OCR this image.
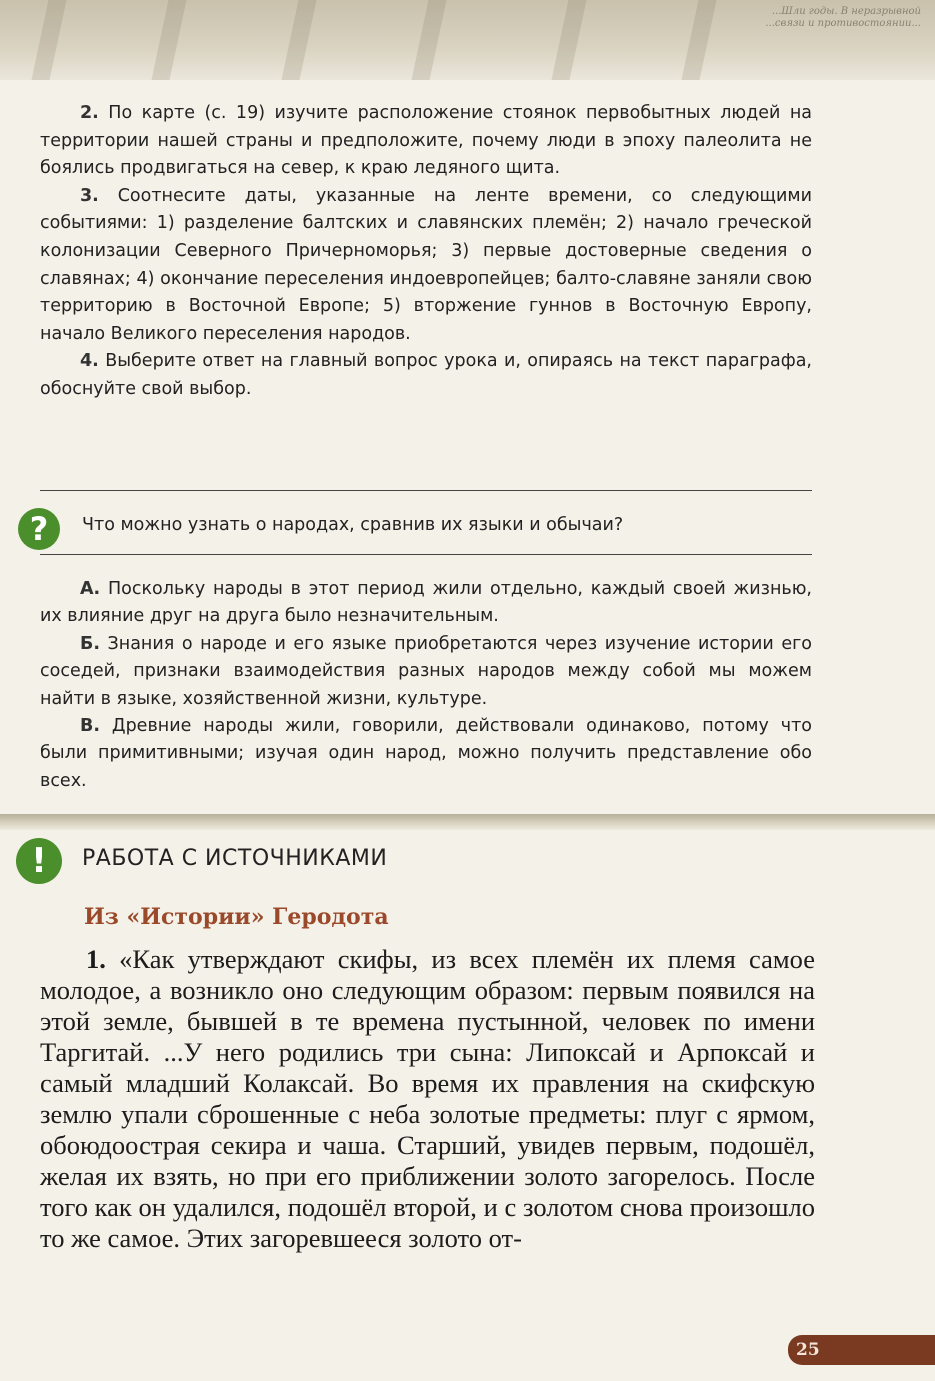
...Шли годы. В неразрывной
...связи и противостоянии...

2. По карте (с. 19) изучите расположение стоянок первобытных людей на территории нашей страны и предположите, почему люди в эпоху палеолита не боялись продвигаться на север, к краю ледяного щита.

3. Соотнесите даты, указанные на ленте времени, со следующими событиями: 1) разделение балтских и славянских племён; 2) начало греческой колонизации Северного Причерноморья; 3) первые достоверные сведения о славянах; 4) окончание переселения индоевропейцев; балто-славяне заняли свою территорию в Восточной Европе; 5) вторжение гуннов в Восточную Европу, начало Великого переселения народов.

4. Выберите ответ на главный вопрос урока и, опираясь на текст параграфа, обоснуйте свой выбор.

?	Что можно узнать о народах, сравнив их языки и обычаи?

А. Поскольку народы в этот период жили отдельно, каждый своей жизнью, их влияние друг на друга было незначительным.

Б. Знания о народе и его языке приобретаются через изучение истории его соседей, признаки взаимодействия разных народов между собой мы можем найти в языке, хозяйственной жизни, культуре.

В. Древние народы жили, говорили, действовали одинаково, потому что были примитивными; изучая один народ, можно получить представление обо всех.

!	РАБОТА С ИСТОЧНИКАМИ
Из «Истории» Геродота

1. «Как утверждают скифы, из всех племён их племя самое молодое, а возникло оно следующим образом: первым появился на этой земле, бывшей в те времена пустынной, человек по имени Таргитай. ...У него родились три сына: Липоксай и Арпоксай и самый младший Колаксай. Во время их правления на скифскую землю упали сброшенные с неба золотые предметы: плуг с ярмом, обоюдоострая секира и чаша. Старший, увидев первым, подошёл, желая их взять, но при его приближении золото загорелось. После того как он удалился, подошёл второй, и с золотом снова произошло то же самое. Этих загоревшееся золото от-

25
